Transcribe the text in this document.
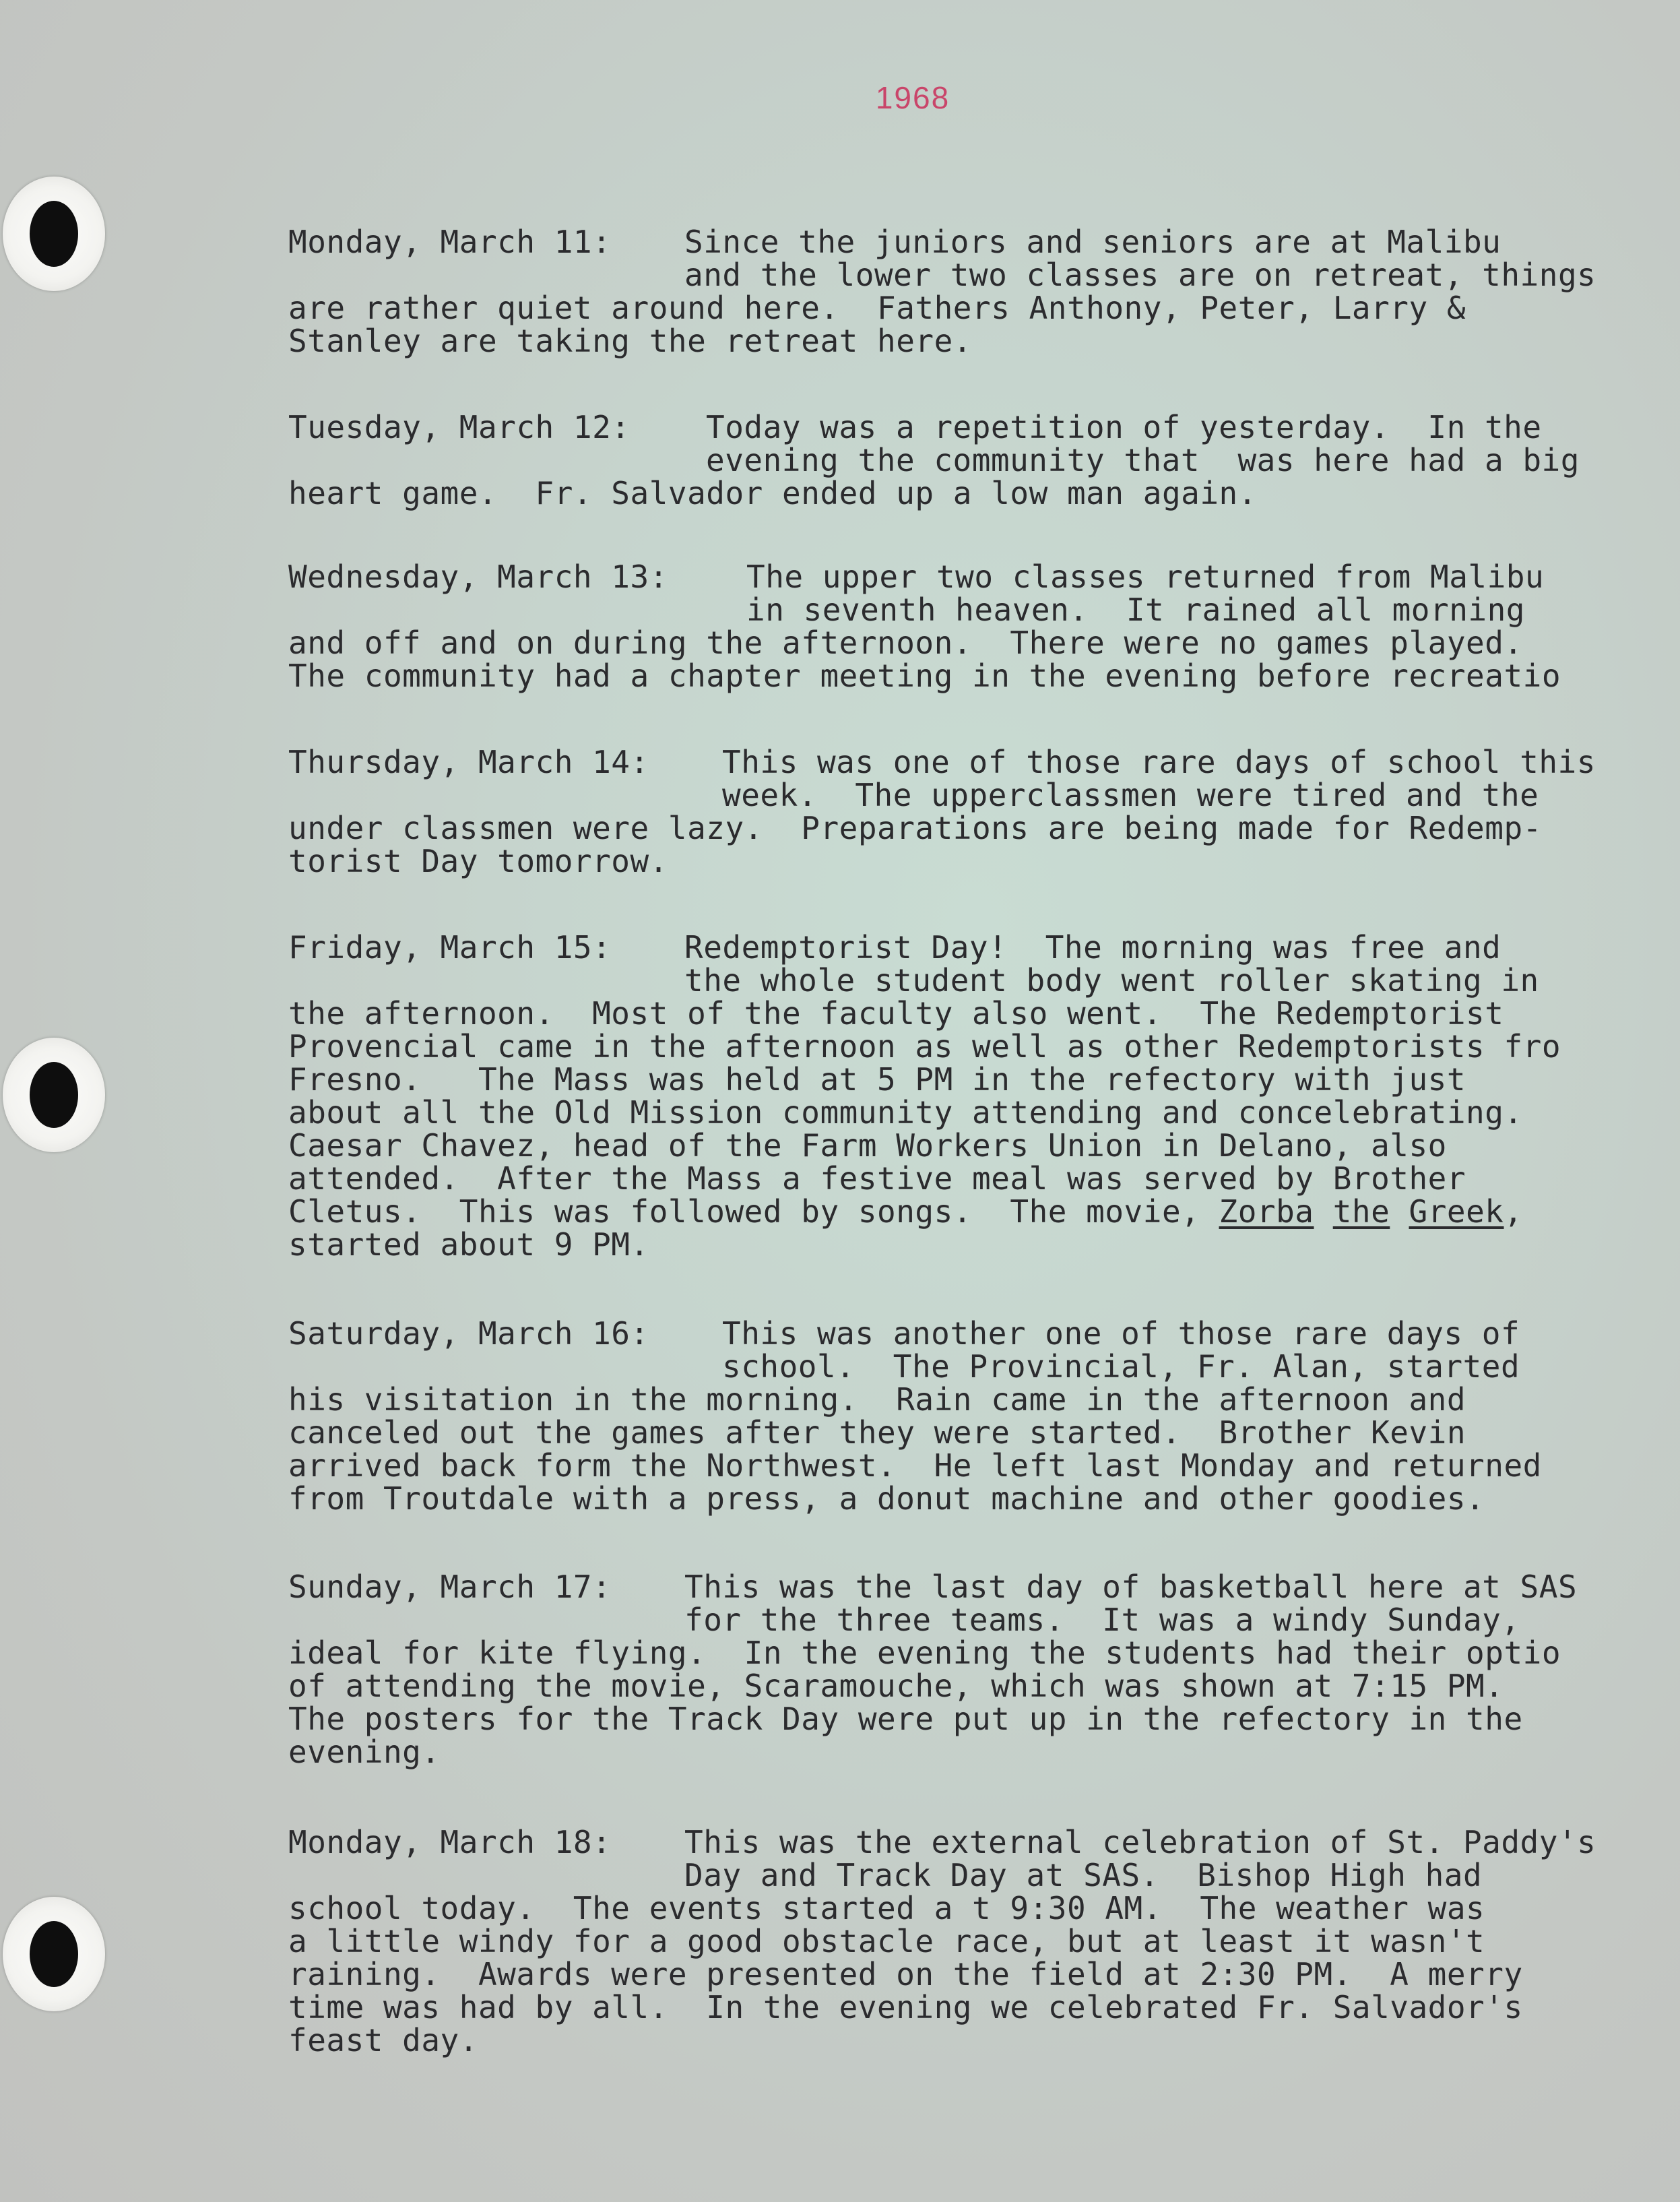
1968
Monday, March 11: Since the juniors and seniors are at Malibu
and the lower two classes are on retreat, things
are rather quiet around here.  Fathers Anthony, Peter, Larry &
Stanley are taking the retreat here.
Tuesday, March 12: Today was a repetition of yesterday.  In the
evening the community that  was here had a big
heart game.  Fr. Salvador ended up a low man again.
Wednesday, March 13:	The upper two classes returned from Malibu
in seventh heaven.  It rained all morning
and off and on during the afternoon.  There were no games played.
The community had a chapter meeting in the evening before recreatio
Thursday, March 14: This was one of those rare days of school this
week.  The upperclassmen were tired and the
under classmen were lazy.  Preparations are being made for Redemp-
torist Day tomorrow.
Friday, March 15: Redemptorist Day!  The morning was free and
the whole student body went roller skating in
the afternoon.  Most of the faculty also went.  The Redemptorist
Provencial came in the afternoon as well as other Redemptorists fro
Fresno.   The Mass was held at 5 PM in the refectory with just
about all the Old Mission community attending and concelebrating.
Caesar Chavez, head of the Farm Workers Union in Delano, also
attended.  After the Mass a festive meal was served by Brother
Cletus.  This was followed by songs.  The movie, Zorba the Greek,
started about 9 PM.
Saturday, March 16: This was another one of those rare days of
school.  The Provincial, Fr. Alan, started
his visitation in the morning.  Rain came in the afternoon and
canceled out the games after they were started.  Brother Kevin
arrived back form the Northwest.  He left last Monday and returned
from Troutdale with a press, a donut machine and other goodies.
Sunday, March 17: This was the last day of basketball here at SAS
for the three teams.  It was a windy Sunday,
ideal for kite flying.  In the evening the students had their optio
of attending the movie, Scaramouche, which was shown at 7:15 PM.
The posters for the Track Day were put up in the refectory in the
evening.
Monday, March 18: This was the external celebration of St. Paddy's
Day and Track Day at SAS.  Bishop High had
school today.  The events started a t 9:30 AM.  The weather was
a little windy for a good obstacle race, but at least it wasn't
raining.  Awards were presented on the field at 2:30 PM.  A merry
time was had by all.  In the evening we celebrated Fr. Salvador's
feast day.
